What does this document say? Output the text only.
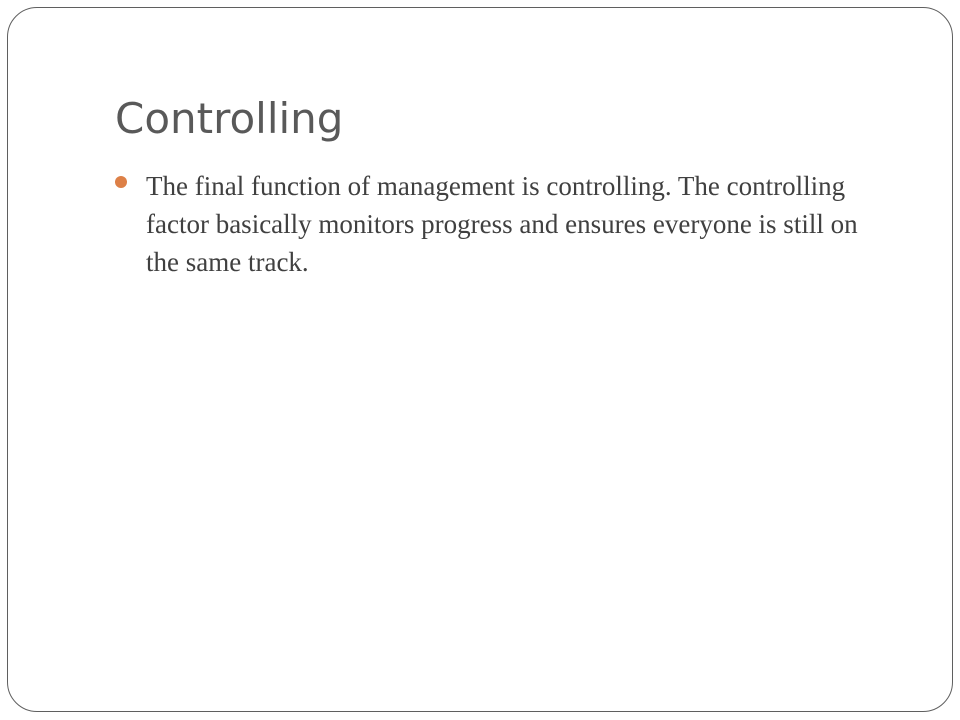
Controlling
The final function of management is controlling. The controlling factor basically monitors progress and ensures everyone is still on the same track.
